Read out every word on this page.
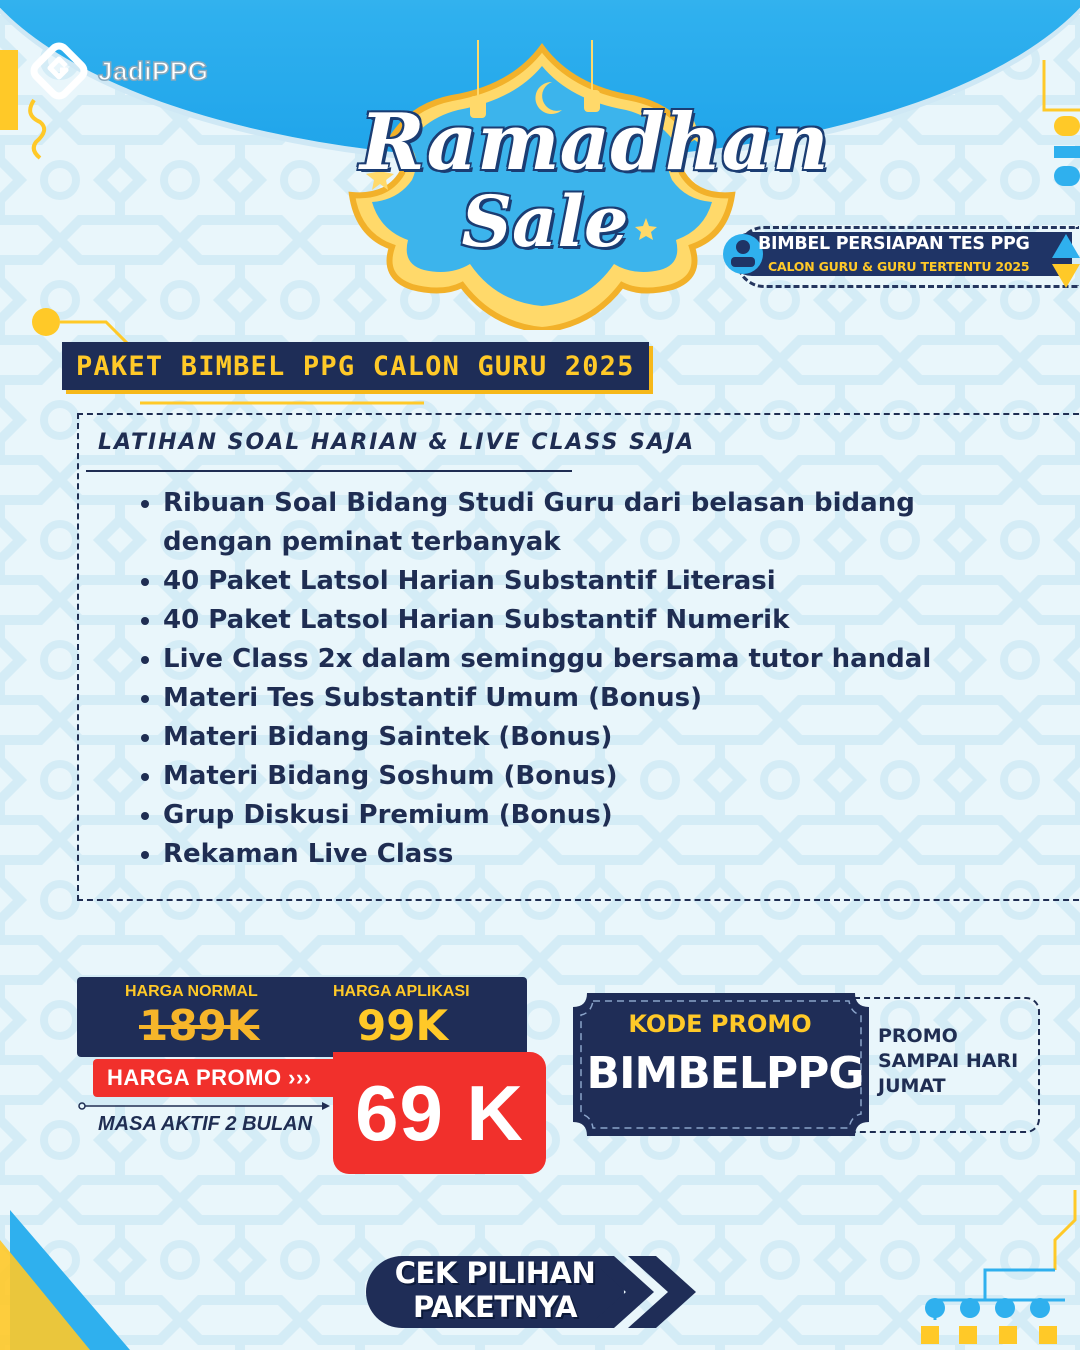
JadiPPG
Ramadhan
Sale	BIMBEL PERSIAPAN TES PPG
CALON GURU & GURU TERTENTU 2025
PAKET BIMBEL PPG CALON GURU 2025
LATIHAN SOAL HARIAN & LIVE CLASS SAJA
• Ribuan Soal Bidang Studi Guru dari belasan bidang dengan peminat terbanyak
• 40 Paket Latsol Harian Substantif Literasi
• 40 Paket Latsol Harian Substantif Numerik
• Live Class 2x dalam seminggu bersama tutor handal
• Materi Tes Substantif Umum (Bonus)
• Materi Bidang Saintek (Bonus)
• Materi Bidang Soshum (Bonus)
• Grup Diskusi Premium (Bonus)
• Rekaman Live Class
HARGA NORMAL
189K
HARGA APLIKASI
99K
HARGA PROMO ››› 69 K
MASA AKTIF 2 BULAN
KODE PROMO
BIMBELPPG
PROMO SAMPAI HARI JUMAT
CEK PILIHAN
PAKETNYA
